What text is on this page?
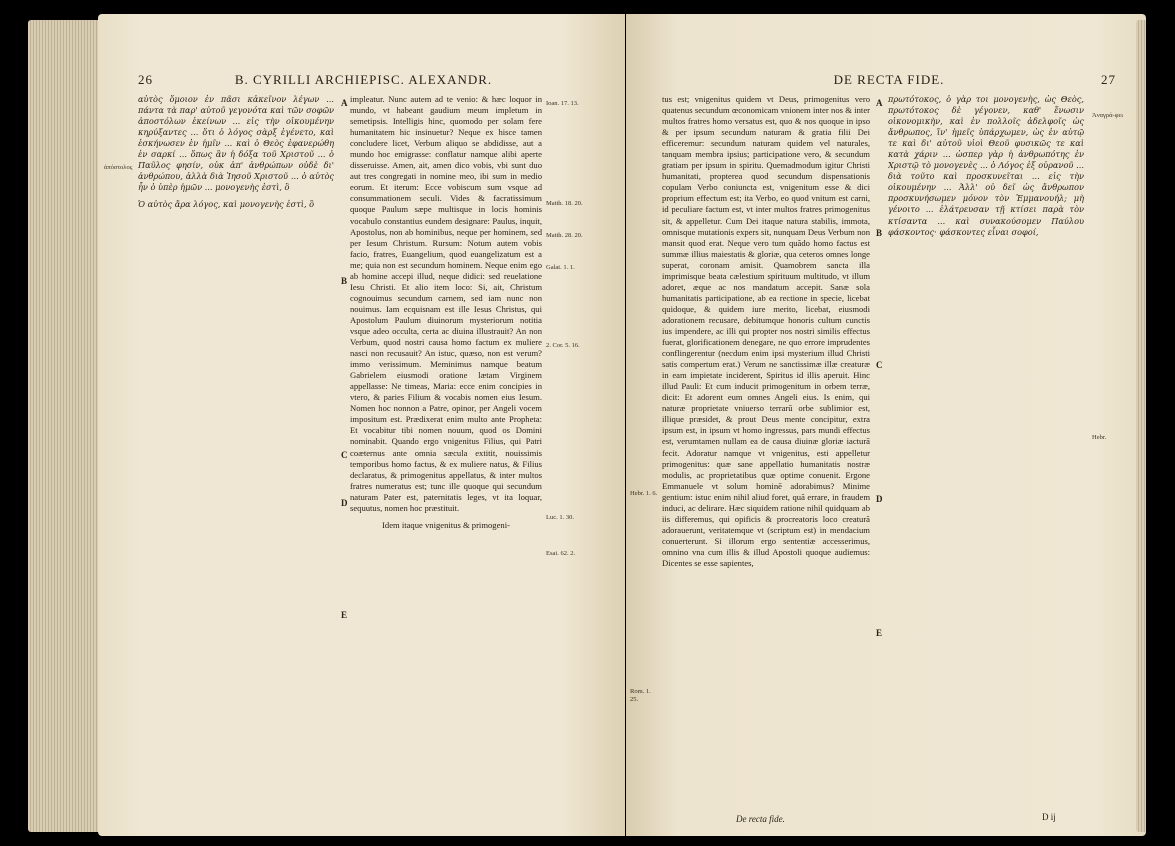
26	B. CYRILLI ARCHIEPISC. ALEXANDR.

αὐτὸς ὅμοιον ἐν πᾶσι κἀκεῖνον λέγων ... πάντα τὰ παρ' αὐτοῦ γεγονότα καὶ τῶν σοφῶν ἀποστόλων ἐκείνων ... εἰς τὴν οἰκουμένην κηρύξαντες ... ὅτι ὁ λόγος σὰρξ ἐγένετο, καὶ ἐσκήνωσεν ἐν ἡμῖν ... καὶ ὁ Θεὸς ἐφανερώθη ἐν σαρκί ... ὅπως ἂν ἡ δόξα τοῦ Χριστοῦ ... ὁ Παῦλος φησίν, οὐκ ἀπ' ἀνθρώπων οὐδὲ δι' ἀνθρώπου, ἀλλὰ διὰ Ἰησοῦ Χριστοῦ ... ὁ αὐτὸς ἦν ὁ ὑπὲρ ἡμῶν ... μονογενὴς ἐστὶ, ὃ

Ὁ αὐτὸς ἄρα λόγος, καὶ μονογενὴς ἐστὶ, ὃ

ἀπόστολος

impleatur. Nunc autem ad te venio: & hæc loquor in mundo, vt habeant gaudium meum impletum in semetipsis. Intelligis hinc, quomodo per solam fere humanitatem hic insinuetur? Neque ex hisce tamen concludere licet, Verbum aliquo se abdidisse, aut a mundo hoc emigrasse: conflatur namque alibi aperte disseruisse. Amen, ait, amen dico vobis, vbi sunt duo aut tres congregati in nomine meo, ibi sum in medio eorum. Et iterum: Ecce vobiscum sum vsque ad consummationem seculi. Vides & facratissimum quoque Paulum sæpe multisque in locis hominis vocabulo constantius eundem designare: Paulus, inquit, Apostolus, non ab hominibus, neque per hominem, sed per Iesum Christum. Rursum: Notum autem vobis facio, fratres, Euangelium, quod euangelizatum est a me; quia non est secundum hominem. Neque enim ego ab homine accepi illud, neque didici: sed reuelatione Iesu Christi. Et alio item loco: Si, ait, Christum cognouimus secundum carnem, sed iam nunc non nouimus. Iam ecquisnam est ille Iesus Christus, qui Apostolum Paulum diuinorum mysteriorum notitia vsque adeo occulta, certa ac diuina illustrauit? An non Verbum, quod nostri causa homo factum ex muliere nasci non recusauit? An istuc, quæso, non est verum? immo verissimum. Meminimus namque beatum Gabrielem eiusmodi oratione lætam Virginem appellasse: Ne timeas, Maria: ecce enim concipies in vtero, & paries Filium & vocabis nomen eius Iesum. Nomen hoc nonnon a Patre, opinor, per Angeli vocem impositum est. Prædixerat enim multo ante Propheta: Et vocabitur tibi nomen nouum, quod os Domini nominabit. Quando ergo vnigenitus Filius, qui Patri coæternus ante omnia sæcula extitit, nouissimis temporibus homo factus, & ex muliere natus, & Filius declaratus, & primogenitus appellatus, & inter multos fratres numeratus est; tunc ille quoque qui secundum naturam Pater est, paternitatis leges, vt ita loquar, sequutus, nomen hoc præstituit.

Idem itaque vnigenitus & primogeni-

A
B
C
D
E
Ioan. 17. 13.
Matth. 18. 20.
Matth. 28. 20.
Galat. 1. 1.
2. Cor. 5. 16.
Luc. 1. 30.
Esai. 62. 2.
DE RECTA FIDE.	27

tus est; vnigenitus quidem vt Deus, primogenitus vero quatenus secundum œconomicam vnionem inter nos & inter multos fratres homo versatus est, quo & nos quoque in ipso & per ipsum secundum naturam & gratia filii Dei efficeremur: secundum naturam quidem vel naturales, tanquam membra ipsius; participatione vero, & secundum gratiam per ipsum in spiritu. Quemadmodum igitur Christi humanitati, propterea quod secundum dispensationis copulam Verbo coniuncta est, vnigenitum esse & dici proprium effectum est; ita Verbo, eo quod vnitum est carni, id peculiare factum est, vt inter multos fratres primogenitus sit, & appelletur. Cum Dei itaque natura stabilis, immota, omnisque mutationis expers sit, nunquam Deus Verbum non mansit quod erat. Neque vero tum quãdo homo factus est summæ illius maiestatis & gloriæ, qua ceteros omnes longe superat, coronam amisit. Quamobrem sancta illa imprimisque beata cælestium spirituum multitudo, vt illum adoret, æque ac nos mandatum accepit. Sanæ sola humanitatis participatione, ab ea rectione in specie, licebat quidoque, & quidem iure merito, licebat, eiusmodi adorationem recusare, debitumque honoris cultum cunctis ius impendere, ac illi qui propter nos nostri similis effectus fuerat, glorificationem denegare, ne quo errore imprudentes conflingerentur (necdum enim ipsi mysterium illud Christi satis compertum erat.) Verum ne sanctissimæ illæ creaturæ in eam impietate inciderent, Spiritus id illis aperuit. Hinc illud Pauli: Et cum inducit primogenitum in orbem terræ, dicit: Et adorent eum omnes Angeli eius. Is enim, qui naturæ proprietate vniuerso terrarū orbe sublimior est, illique præsidet, & prout Deus mente concipitur, extra ipsum est, in ipsum vt homo ingressus, pars mundi effectus est, verumtamen nullam ea de causa diuinæ gloriæ iacturā fecit. Adoratur namque vt vnigenitus, esti appelletur primogenitus: quæ sane appellatio humanitatis nostræ modulis, ac proprietatibus quæ optime conuenit. Ergone Emmanuele vt solum hominē adorabimus? Minime gentium: istuc enim nihil aliud foret, quã errare, in fraudem induci, ac delirare. Hæc siquidem ratione nihil quidquam ab iis differemus, qui opificis & procreatoris loco creaturã adorauerunt, veritatemque vt (scriptum est) in mendacium conuerterunt. Si illorum ergo sententiæ accesserimus, omnino vna cum illis & illud Apostoli quoque audiemus: Dicentes se esse sapientes,

πρωτότοκος, ὁ γὰρ τοι μονογενὴς, ὡς Θεὸς, πρωτότοκος δὲ γέγονεν, καθ' ἕνωσιν οἰκονομικὴν, καὶ ἐν πολλοῖς ἀδελφοῖς ὡς ἄνθρωπος, ἵν' ἡμεῖς ὑπάρχωμεν, ὡς ἐν αὐτῷ τε καὶ δι' αὐτοῦ υἱοὶ Θεοῦ φυσικῶς τε καὶ κατὰ χάριν ... ὡσπερ γὰρ ἡ ἀνθρωπότης ἐν Χριστῷ τὸ μονογενὲς ... ὁ Λόγος ἐξ οὐρανοῦ ... διὰ τοῦτο καὶ προσκυνεῖται ... εἰς τὴν οἰκουμένην ... Ἀλλ' οὐ δεῖ ὡς ἄνθρωπον προσκυνήσωμεν μόνον τὸν Ἐμμανουήλ; μὴ γένοιτο ... ἐλάτρευσαν τῇ κτίσει παρὰ τὸν κτίσαντα ... καὶ συνακούσομεν Παύλου φάσκοντος· φάσκοντες εἶναι σοφοί,

A
B
C
D
E
Hebr. 1. 6.
Rom. 1. 25.
Ἀναγρά-φει
Hebr.
De recta fide.	D ij
